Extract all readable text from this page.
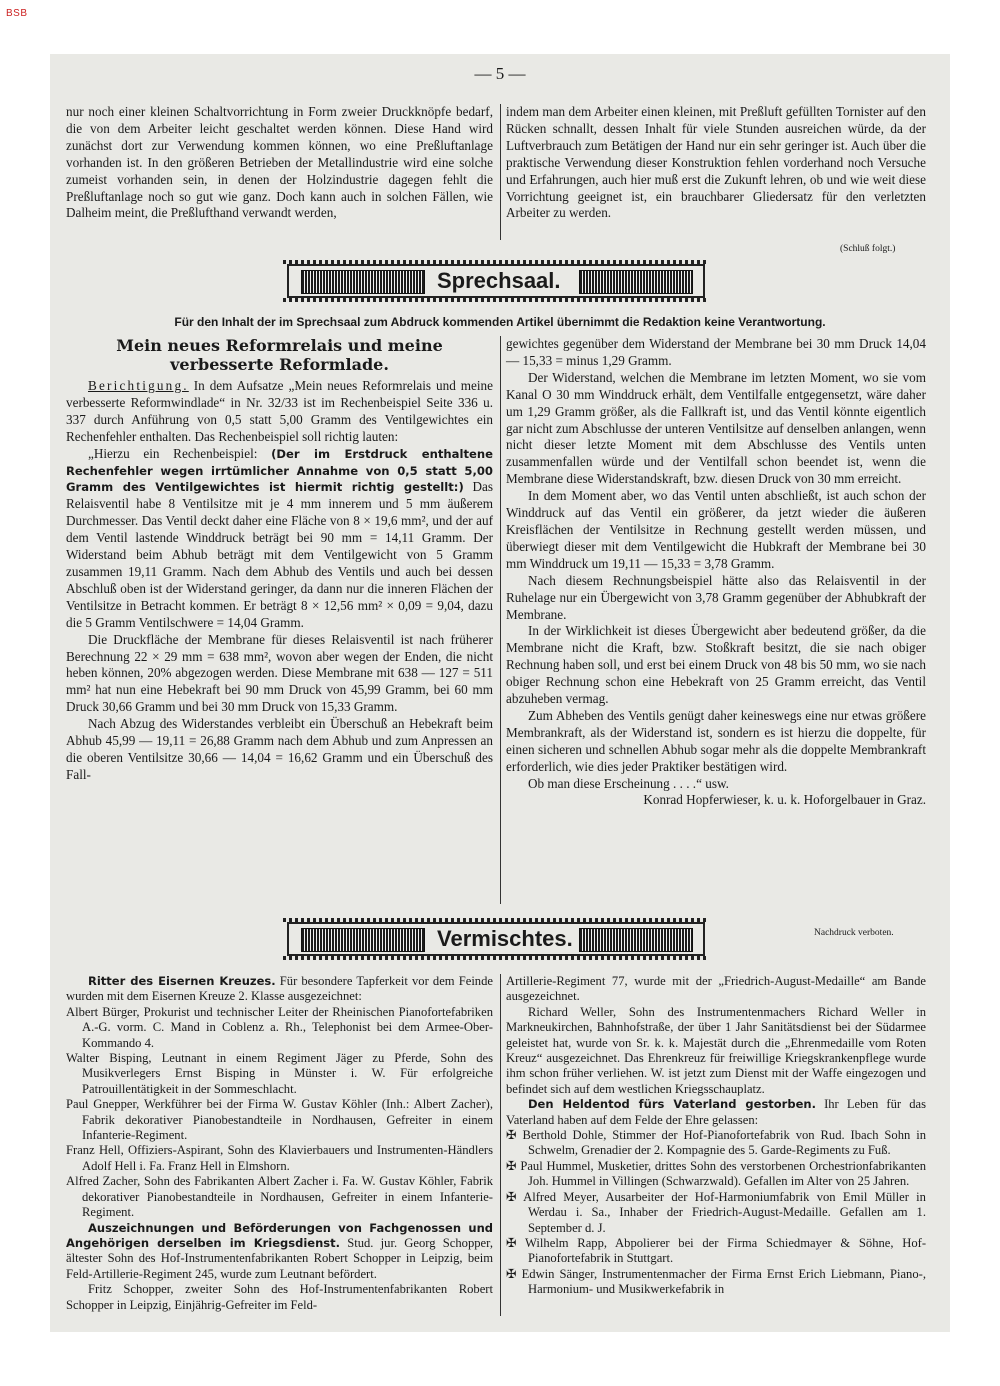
BSB
— 5 —

nur noch einer kleinen Schaltvorrichtung in Form zweier Druckknöpfe bedarf, die von dem Arbeiter leicht geschaltet werden können. Diese Hand wird zunächst dort zur Verwendung kommen können, wo eine Preßluftanlage vorhanden ist. In den größeren Betrieben der Metallindustrie wird eine solche zumeist vorhanden sein, in denen der Holzindustrie dagegen fehlt die Preßluftanlage noch so gut wie ganz. Doch kann auch in solchen Fällen, wie Dalheim meint, die Preßlufthand verwandt werden,

indem man dem Arbeiter einen kleinen, mit Preßluft gefüllten Tornister auf den Rücken schnallt, dessen Inhalt für viele Stunden ausreichen würde, da der Luftverbrauch zum Betätigen der Hand nur ein sehr geringer ist. Auch über die praktische Verwendung dieser Konstruktion fehlen vorderhand noch Versuche und Erfahrungen, auch hier muß erst die Zukunft lehren, ob und wie weit diese Vorrichtung geeignet ist, ein brauchbarer Gliedersatz für den verletzten Arbeiter zu werden.

(Schluß folgt.)
Sprechsaal.
Für den Inhalt der im Sprechsaal zum Abdruck kommenden Artikel übernimmt die Redaktion keine Verantwortung.
Mein neues Reformrelais und meine verbesserte Reformlade.

Berichtigung. In dem Aufsatze „Mein neues Reformrelais und meine verbesserte Reformwindlade“ in Nr. 32/33 ist im Rechenbeispiel Seite 336 u. 337 durch Anführung von 0,5 statt 5,00 Gramm des Ventilgewichtes ein Rechenfehler enthalten. Das Rechenbeispiel soll richtig lauten:

„Hierzu ein Rechenbeispiel: (Der im Erstdruck enthaltene Rechenfehler wegen irrtümlicher Annahme von 0,5 statt 5,00 Gramm des Ventilgewichtes ist hiermit richtig gestellt:) Das Relaisventil habe 8 Ventilsitze mit je 4 mm innerem und 5 mm äußerem Durchmesser. Das Ventil deckt daher eine Fläche von 8 × 19,6 mm², und der auf dem Ventil lastende Winddruck beträgt bei 90 mm = 14,11 Gramm. Der Widerstand beim Abhub beträgt mit dem Ventilgewicht von 5 Gramm zusammen 19,11 Gramm. Nach dem Abhub des Ventils und auch bei dessen Abschluß oben ist der Widerstand geringer, da dann nur die inneren Flächen der Ventilsitze in Betracht kommen. Er beträgt 8 × 12,56 mm² × 0,09 = 9,04, dazu die 5 Gramm Ventilschwere = 14,04 Gramm.

Die Druckfläche der Membrane für dieses Relaisventil ist nach früherer Berechnung 22 × 29 mm = 638 mm², wovon aber wegen der Enden, die nicht heben können, 20% abgezogen werden. Diese Membrane mit 638 — 127 = 511 mm² hat nun eine Hebekraft bei 90 mm Druck von 45,99 Gramm, bei 60 mm Druck 30,66 Gramm und bei 30 mm Druck von 15,33 Gramm.

Nach Abzug des Widerstandes verbleibt ein Überschuß an Hebekraft beim Abhub 45,99 — 19,11 = 26,88 Gramm nach dem Abhub und zum Anpressen an die oberen Ventilsitze 30,66 — 14,04 = 16,62 Gramm und ein Überschuß des Fall-

gewichtes gegenüber dem Widerstand der Membrane bei 30 mm Druck 14,04 — 15,33 = minus 1,29 Gramm.

Der Widerstand, welchen die Membrane im letzten Moment, wo sie vom Kanal O 30 mm Winddruck erhält, dem Ventilfalle entgegensetzt, wäre daher um 1,29 Gramm größer, als die Fallkraft ist, und das Ventil könnte eigentlich gar nicht zum Abschlusse der unteren Ventilsitze auf denselben anlangen, wenn nicht dieser letzte Moment mit dem Abschlusse des Ventils unten zusammenfallen würde und der Ventilfall schon beendet ist, wenn die Membrane diese Widerstandskraft, bzw. diesen Druck von 30 mm erreicht.

In dem Moment aber, wo das Ventil unten abschließt, ist auch schon der Winddruck auf das Ventil ein größerer, da jetzt wieder die äußeren Kreisflächen der Ventilsitze in Rechnung gestellt werden müssen, und überwiegt dieser mit dem Ventilgewicht die Hubkraft der Membrane bei 30 mm Winddruck um 19,11 — 15,33 = 3,78 Gramm.

Nach diesem Rechnungsbeispiel hätte also das Relaisventil in der Ruhelage nur ein Übergewicht von 3,78 Gramm gegenüber der Abhubkraft der Membrane.

In der Wirklichkeit ist dieses Übergewicht aber bedeutend größer, da die Membrane nicht die Kraft, bzw. Stoßkraft besitzt, die sie nach obiger Rechnung haben soll, und erst bei einem Druck von 48 bis 50 mm, wo sie nach obiger Rechnung schon eine Hebekraft von 25 Gramm erreicht, das Ventil abzuheben vermag.

Zum Abheben des Ventils genügt daher keineswegs eine nur etwas größere Membrankraft, als der Widerstand ist, sondern es ist hierzu die doppelte, für einen sicheren und schnellen Abhub sogar mehr als die doppelte Membrankraft erforderlich, wie dies jeder Praktiker bestätigen wird.

Ob man diese Erscheinung . . . .“ usw.

Konrad Hopferwieser, k. u. k. Hoforgelbauer in Graz.

Vermischtes.	Nachdruck verboten.

Ritter des Eisernen Kreuzes. Für besondere Tapferkeit vor dem Feinde wurden mit dem Eisernen Kreuze 2. Klasse ausgezeichnet:

Albert Bürger, Prokurist und technischer Leiter der Rheinischen Pianofortefabriken A.-G. vorm. C. Mand in Coblenz a. Rh., Telephonist bei dem Armee-Ober-Kommando 4.

Walter Bisping, Leutnant in einem Regiment Jäger zu Pferde, Sohn des Musikverlegers Ernst Bisping in Münster i. W. Für erfolgreiche Patrouillentätigkeit in der Sommeschlacht.

Paul Gnepper, Werkführer bei der Firma W. Gustav Köhler (Inh.: Albert Zacher), Fabrik dekorativer Pianobestandteile in Nordhausen, Gefreiter in einem Infanterie-Regiment.

Franz Hell, Offiziers-Aspirant, Sohn des Klavierbauers und Instrumenten-Händlers Adolf Hell i. Fa. Franz Hell in Elmshorn.

Alfred Zacher, Sohn des Fabrikanten Albert Zacher i. Fa. W. Gustav Köhler, Fabrik dekorativer Pianobestandteile in Nordhausen, Gefreiter in einem Infanterie-Regiment.

Auszeichnungen und Beförderungen von Fachgenossen und Angehörigen derselben im Kriegsdienst. Stud. jur. Georg Schopper, ältester Sohn des Hof-Instrumentenfabrikanten Robert Schopper in Leipzig, beim Feld-Artillerie-Regiment 245, wurde zum Leutnant befördert.

Fritz Schopper, zweiter Sohn des Hof-Instrumentenfabrikanten Robert Schopper in Leipzig, Einjährig-Gefreiter im Feld-

Artillerie-Regiment 77, wurde mit der „Friedrich-August-Medaille“ am Bande ausgezeichnet.

Richard Weller, Sohn des Instrumentenmachers Richard Weller in Markneukirchen, Bahnhofstraße, der über 1 Jahr Sanitätsdienst bei der Südarmee geleistet hat, wurde von Sr. k. k. Majestät durch die „Ehrenmedaille vom Roten Kreuz“ ausgezeichnet. Das Ehrenkreuz für freiwillige Kriegskrankenpflege wurde ihm schon früher verliehen. W. ist jetzt zum Dienst mit der Waffe eingezogen und befindet sich auf dem westlichen Kriegsschauplatz.

Den Heldentod fürs Vaterland gestorben. Ihr Leben für das Vaterland haben auf dem Felde der Ehre gelassen:

✠ Berthold Dohle, Stimmer der Hof-Pianofortefabrik von Rud. Ibach Sohn in Schwelm, Grenadier der 2. Kompagnie des 5. Garde-Regiments zu Fuß.

✠ Paul Hummel, Musketier, drittes Sohn des verstorbenen Orchestrionfabrikanten Joh. Hummel in Villingen (Schwarzwald). Gefallen im Alter von 25 Jahren.

✠ Alfred Meyer, Ausarbeiter der Hof-Harmoniumfabrik von Emil Müller in Werdau i. Sa., Inhaber der Friedrich-August-Medaille. Gefallen am 1. September d. J.

✠ Wilhelm Rapp, Abpolierer bei der Firma Schiedmayer & Söhne, Hof-Pianofortefabrik in Stuttgart.

✠ Edwin Sänger, Instrumentenmacher der Firma Ernst Erich Liebmann, Piano-, Harmonium- und Musikwerkefabrik in
